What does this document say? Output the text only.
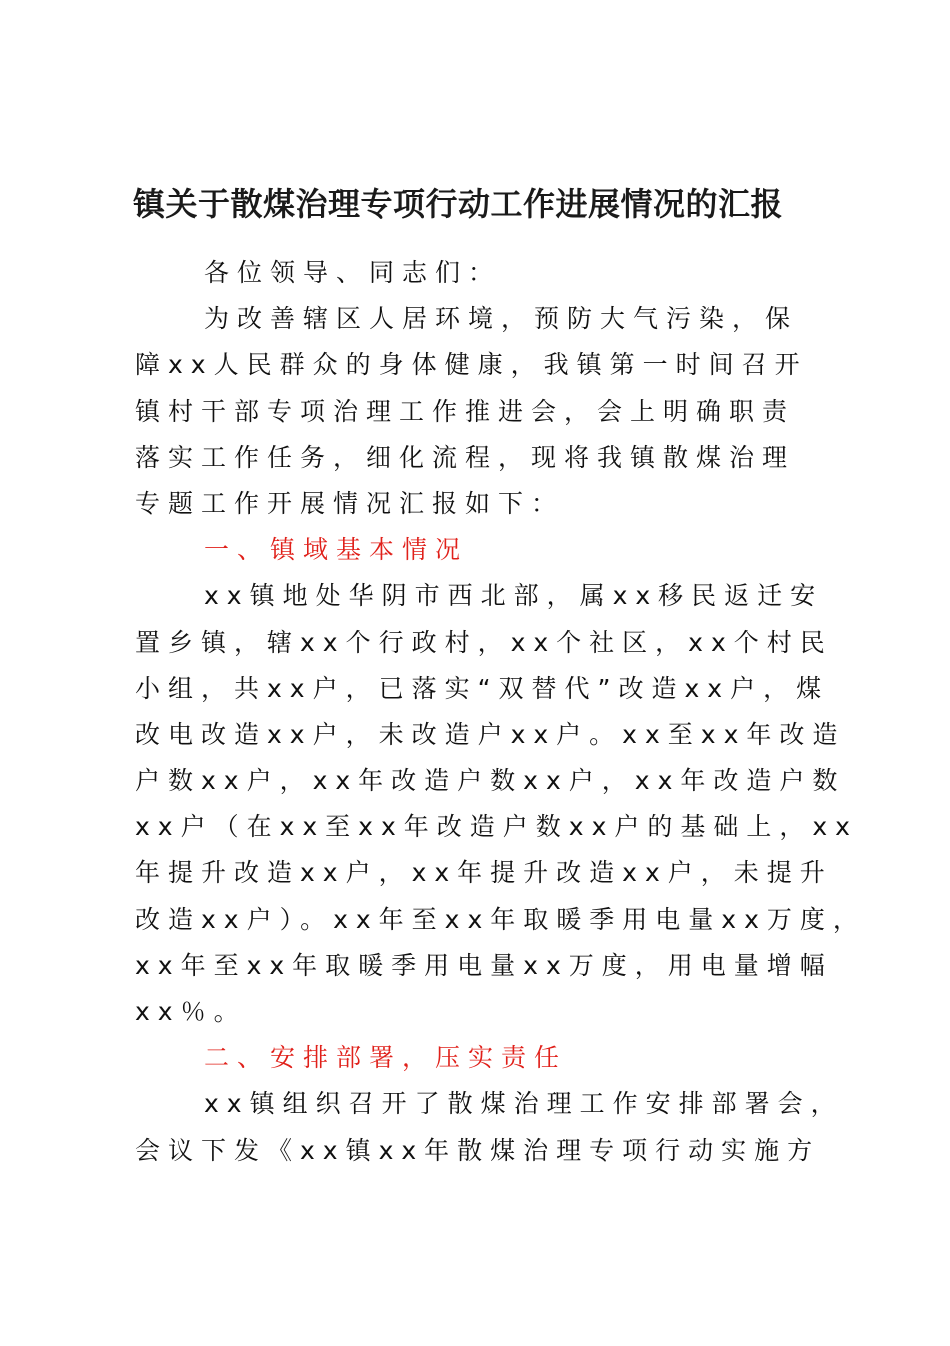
镇关于散煤治理专项行动工作进展情况的汇报
各位领导、同志们：
为改善辖区人居环境，预防大气污染，保
障xx人民群众的身体健康，我镇第一时间召开
镇村干部专项治理工作推进会，会上明确职责
落实工作任务，细化流程，现将我镇散煤治理
专题工作开展情况汇报如下：
一、镇域基本情况
xx镇地处华阴市西北部，属xx移民返迁安
置乡镇，辖xx个行政村，xx个社区，xx个村民
小组，共xx户，已落实“双替代”改造xx户，煤
改电改造xx户，未改造户xx户。xx至xx年改造
户数xx户，xx年改造户数xx户，xx年改造户数
xx户（在xx至xx年改造户数xx户的基础上，xx
年提升改造xx户，xx年提升改造xx户，未提升
改造xx户）。xx年至xx年取暖季用电量xx万度，
xx年至xx年取暖季用电量xx万度，用电量增幅
xx％。
二、安排部署，压实责任
xx镇组织召开了散煤治理工作安排部署会，
会议下发《xx镇xx年散煤治理专项行动实施方
